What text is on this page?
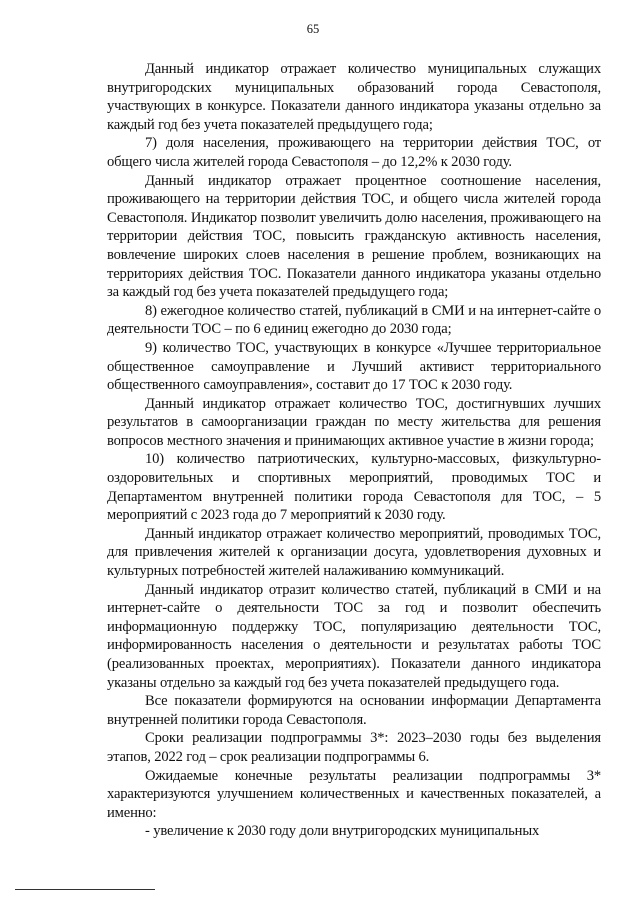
65

Данный индикатор отражает количество муниципальных служащих внутригородских муниципальных образований города Севастополя, участвующих в конкурсе. Показатели данного индикатора указаны отдельно за каждый год без учета показателей предыдущего года;

7) доля населения, проживающего на территории действия ТОС, от общего числа жителей города Севастополя – до 12,2% к 2030 году.

Данный индикатор отражает процентное соотношение населения, проживающего на территории действия ТОС, и общего числа жителей города Севастополя. Индикатор позволит увеличить долю населения, проживающего на территории действия ТОС, повысить гражданскую активность населения, вовлечение широких слоев населения в решение проблем, возникающих на территориях действия ТОС. Показатели данного индикатора указаны отдельно за каждый год без учета показателей предыдущего года;

8) ежегодное количество статей, публикаций в СМИ и на интернет-сайте о деятельности ТОС – по 6 единиц ежегодно до 2030 года;

9) количество ТОС, участвующих в конкурсе «Лучшее территориальное общественное самоуправление и Лучший активист территориального общественного самоуправления», составит до 17 ТОС к 2030 году.

Данный индикатор отражает количество ТОС, достигнувших лучших результатов в самоорганизации граждан по месту жительства для решения вопросов местного значения и принимающих активное участие в жизни города;

10) количество патриотических, культурно-массовых, физкультурно-оздоровительных и спортивных мероприятий, проводимых ТОС и Департаментом внутренней политики города Севастополя для ТОС, – 5 мероприятий с 2023 года до 7 мероприятий к 2030 году.

Данный индикатор отражает количество мероприятий, проводимых ТОС, для привлечения жителей к организации досуга, удовлетворения духовных и культурных потребностей жителей налаживанию коммуникаций.

Данный индикатор отразит количество статей, публикаций в СМИ и на интернет-сайте о деятельности ТОС за год и позволит обеспечить информационную поддержку ТОС, популяризацию деятельности ТОС, информированность населения о деятельности и результатах работы ТОС (реализованных проектах, мероприятиях). Показатели данного индикатора указаны отдельно за каждый год без учета показателей предыдущего года.

Все показатели формируются на основании информации Департамента внутренней политики города Севастополя.

Сроки реализации подпрограммы 3*: 2023–2030 годы без выделения этапов, 2022 год – срок реализации подпрограммы 6.

Ожидаемые конечные результаты реализации подпрограммы 3* характеризуются улучшением количественных и качественных показателей, а именно:

- увеличение к 2030 году доли внутригородских муниципальных
